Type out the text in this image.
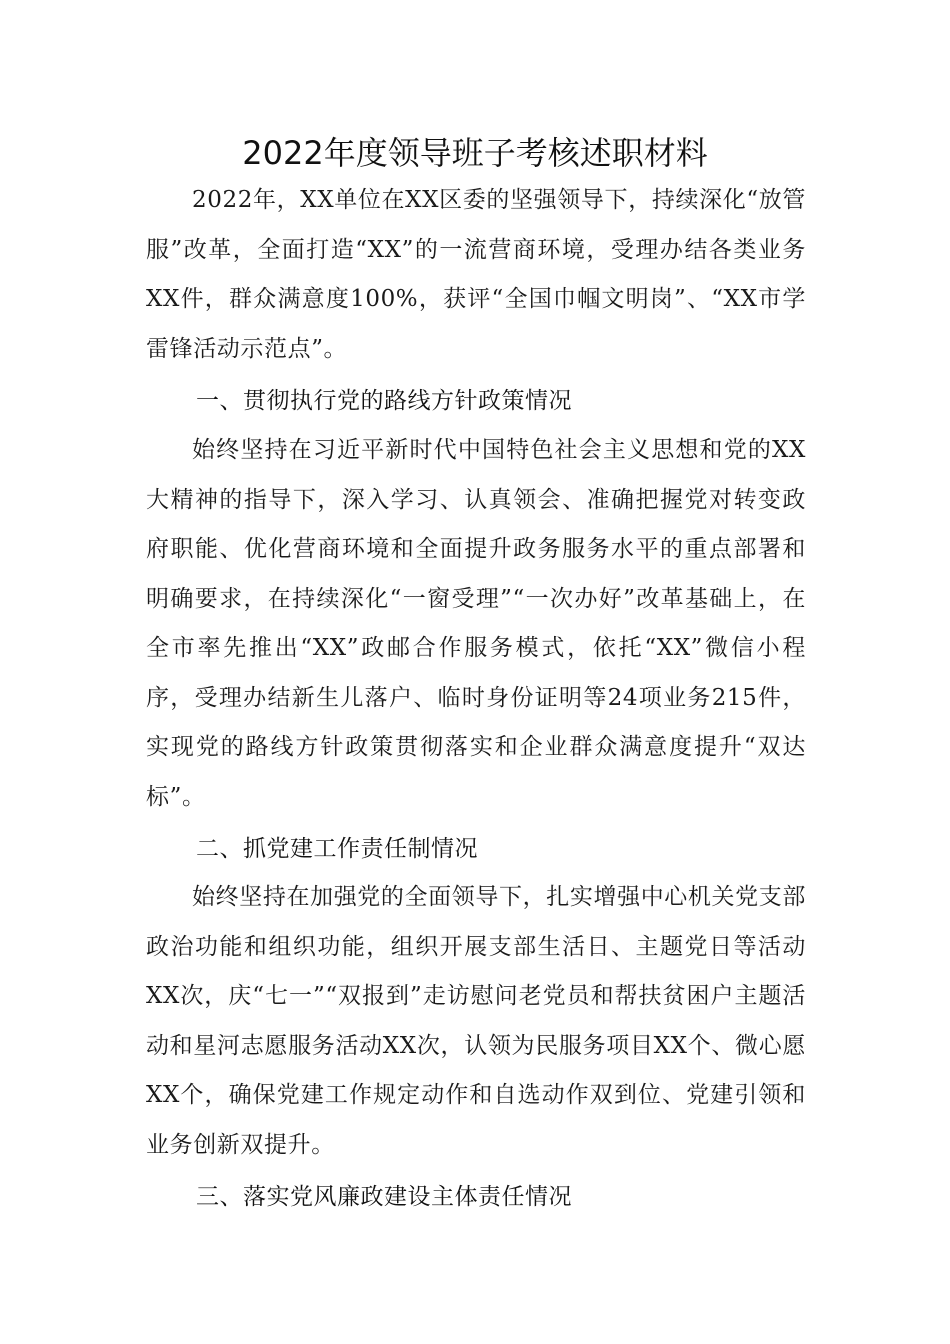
2022年度领导班子考核述职材料

2022年，XX单位在XX区委的坚强领导下，持续深化“放管服”改革，全面打造“XX”的一流营商环境，受理办结各类业务XX件，群众满意度100%，获评“全国巾帼文明岗”、“XX市学雷锋活动示范点”。

一、贯彻执行党的路线方针政策情况

始终坚持在习近平新时代中国特色社会主义思想和党的XX大精神的指导下，深入学习、认真领会、准确把握党对转变政府职能、优化营商环境和全面提升政务服务水平的重点部署和明确要求，在持续深化“一窗受理”“一次办好”改革基础上，在全市率先推出“XX”政邮合作服务模式，依托“XX”微信小程序，受理办结新生儿落户、临时身份证明等24项业务215件，实现党的路线方针政策贯彻落实和企业群众满意度提升“双达标”。

二、抓党建工作责任制情况

始终坚持在加强党的全面领导下，扎实增强中心机关党支部政治功能和组织功能，组织开展支部生活日、主题党日等活动XX次，庆“七一”“双报到”走访慰问老党员和帮扶贫困户主题活动和星河志愿服务活动XX次，认领为民服务项目XX个、微心愿XX个，确保党建工作规定动作和自选动作双到位、党建引领和业务创新双提升。

三、落实党风廉政建设主体责任情况
